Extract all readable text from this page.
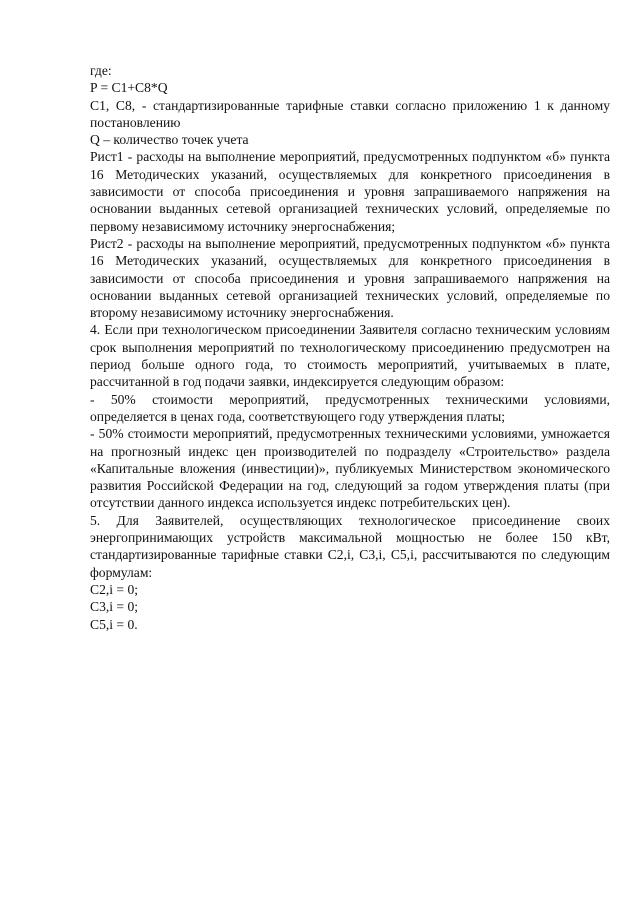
где:
P = C1+C8*Q
C1, C8, - стандартизированные тарифные ставки согласно приложению 1 к данному постановлению
Q – количество точек учета
Рист1 - расходы на выполнение мероприятий, предусмотренных подпунктом «б» пункта 16 Методических указаний, осуществляемых для конкретного присоединения в зависимости от способа присоединения и уровня запрашиваемого напряжения на основании выданных сетевой организацией технических условий, определяемые по первому независимому источнику энергоснабжения;
Рист2 - расходы на выполнение мероприятий, предусмотренных подпунктом «б» пункта 16 Методических указаний, осуществляемых для конкретного присоединения в зависимости от способа присоединения и уровня запрашиваемого напряжения на основании выданных сетевой организацией технических условий, определяемые по второму независимому источнику энергоснабжения.
4. Если при технологическом присоединении Заявителя согласно техническим условиям срок выполнения мероприятий по технологическому присоединению предусмотрен на период больше одного года, то стоимость мероприятий, учитываемых в плате, рассчитанной в год подачи заявки, индексируется следующим образом:
- 50% стоимости мероприятий, предусмотренных техническими условиями, определяется в ценах года, соответствующего году утверждения платы;
- 50% стоимости мероприятий, предусмотренных техническими условиями, умножается на прогнозный индекс цен производителей по подразделу «Строительство» раздела «Капитальные вложения (инвестиции)», публикуемых Министерством экономического развития Российской Федерации на год, следующий за годом утверждения платы (при отсутствии данного индекса используется индекс потребительских цен).
5. Для Заявителей, осуществляющих технологическое присоединение своих энергопринимающих устройств максимальной мощностью не более 150 кВт, стандартизированные тарифные ставки C2,i, C3,i, C5,i, рассчитываются по следующим формулам:
C2,i = 0;
C3,i = 0;
C5,i = 0.
